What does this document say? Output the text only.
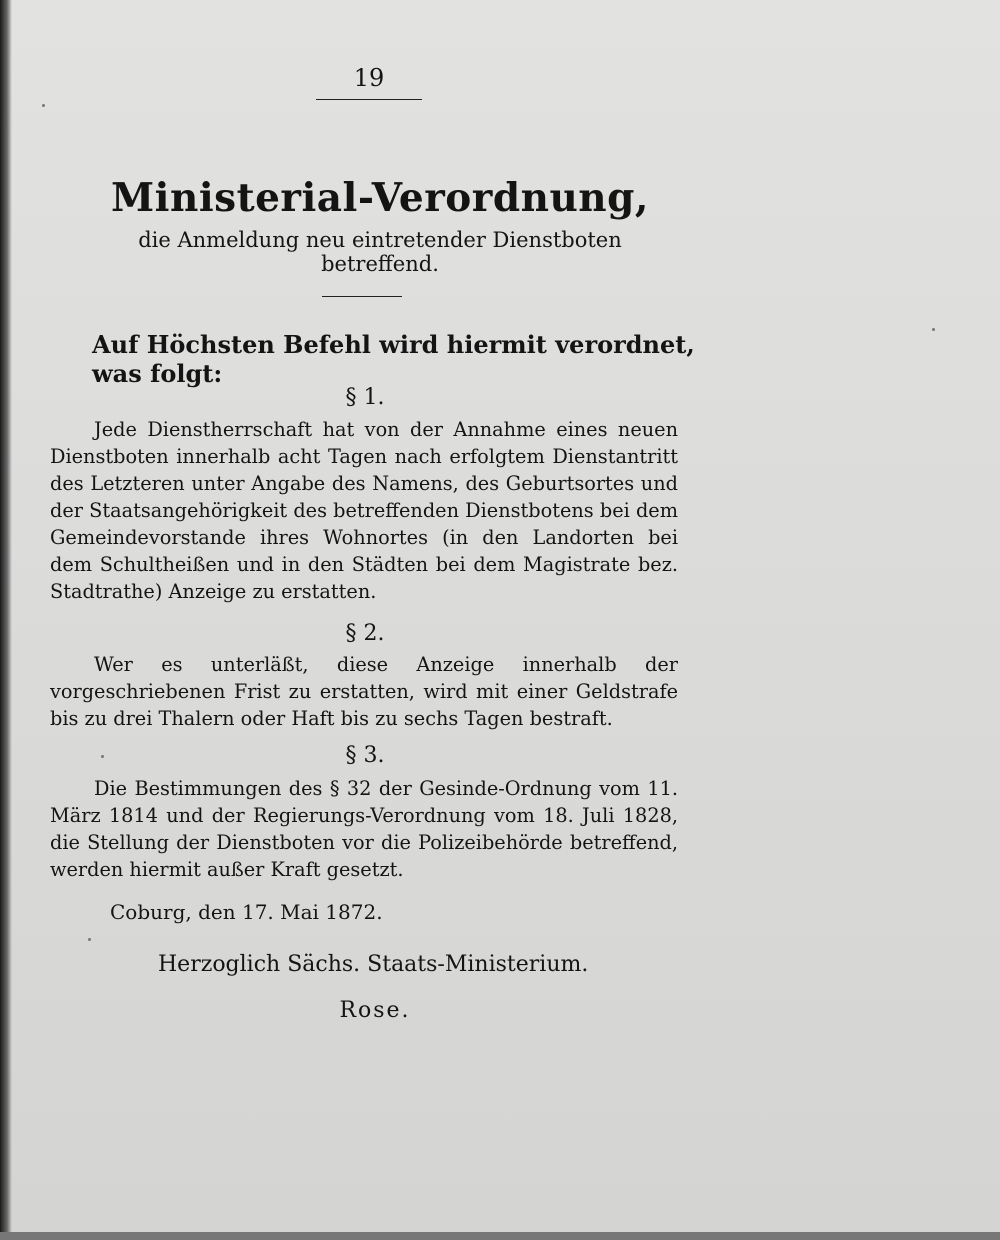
19
Ministerial-Verordnung,
die Anmeldung neu eintretender Dienstboten betreffend.
Auf Höchsten Befehl wird hiermit verordnet, was folgt:
§ 1.
Jede Dienstherrschaft hat von der Annahme eines neuen Dienstboten innerhalb acht Tagen nach erfolgtem Dienstantritt des Letzteren unter Angabe des Namens, des Geburtsortes und der Staatsangehörigkeit des betreffenden Dienstbotens bei dem Gemeindevorstande ihres Wohnortes (in den Landorten bei dem Schultheißen und in den Städten bei dem Magistrate bez. Stadtrathe) Anzeige zu erstatten.
§ 2.
Wer es unterläßt, diese Anzeige innerhalb der vorgeschriebenen Frist zu erstatten, wird mit einer Geldstrafe bis zu drei Thalern oder Haft bis zu sechs Tagen bestraft.
§ 3.
Die Bestimmungen des § 32 der Gesinde-Ordnung vom 11. März 1814 und der Regierungs-Verordnung vom 18. Juli 1828, die Stellung der Dienstboten vor die Polizeibehörde betreffend, werden hiermit außer Kraft gesetzt.
Coburg, den 17. Mai 1872.
Herzoglich Sächs. Staats-Ministerium.
Rose.
